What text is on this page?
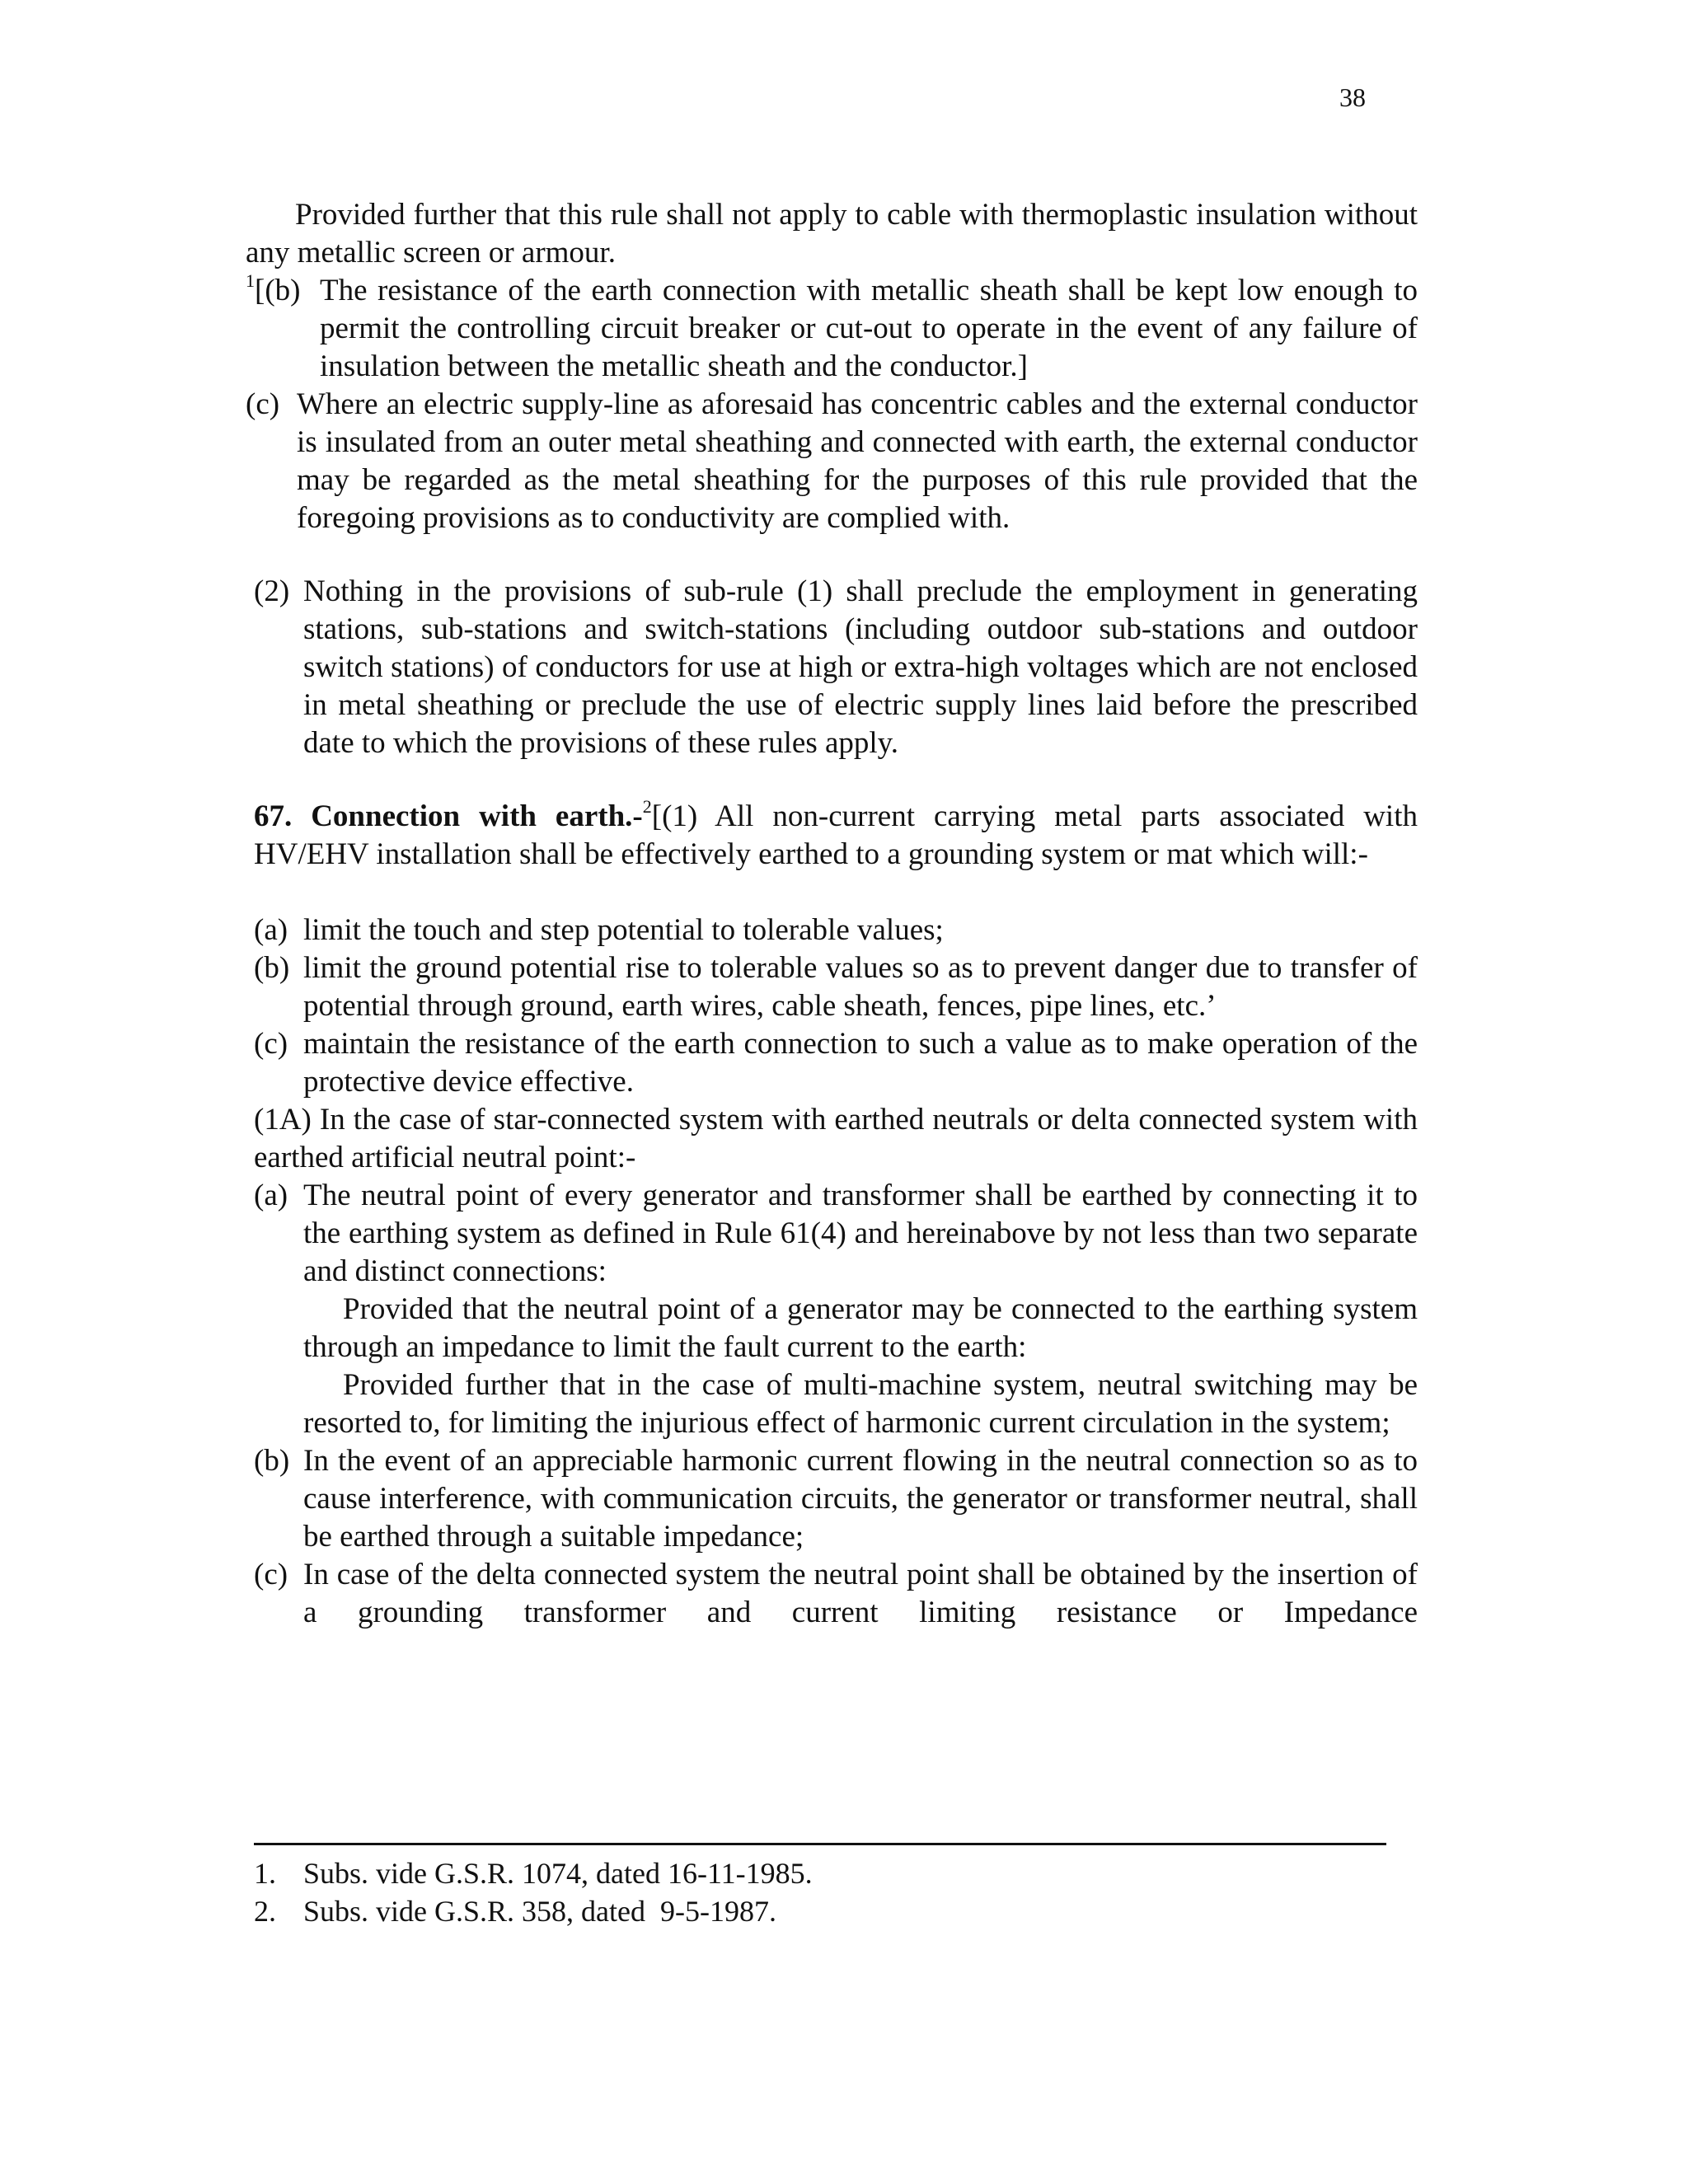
38
Provided further that this rule shall not apply to cable with thermoplastic insulation without any metallic screen or armour.
$^1$[(b) The resistance of the earth connection with metallic sheath shall be kept low enough to permit the controlling circuit breaker or cut-out to operate in the event of any failure of insulation between the metallic sheath and the conductor.]
(c) Where an electric supply-line as aforesaid has concentric cables and the external conductor is insulated from an outer metal sheathing and connected with earth, the external conductor may be regarded as the metal sheathing for the purposes of this rule provided that the foregoing provisions as to conductivity are complied with.
(2) Nothing in the provisions of sub-rule (1) shall preclude the employment in generating stations, sub-stations and switch-stations (including outdoor sub-stations and outdoor switch stations) of conductors for use at high or extra-high voltages which are not enclosed in metal sheathing or preclude the use of electric supply lines laid before the prescribed date to which the provisions of these rules apply.
67. Connection with earth.-$^2$[(1) All non-current carrying metal parts associated with HV/EHV installation shall be effectively earthed to a grounding system or mat which will:-
(a) limit the touch and step potential to tolerable values;
(b) limit the ground potential rise to tolerable values so as to prevent danger due to transfer of potential through ground, earth wires, cable sheath, fences, pipe lines, etc.’
(c) maintain the resistance of the earth connection to such a value as to make operation of the protective device effective.
(1A) In the case of star-connected system with earthed neutrals or delta connected system with earthed artificial neutral point:-
(a) The neutral point of every generator and transformer shall be earthed by connecting it to the earthing system as defined in Rule 61(4) and hereinabove by not less than two separate and distinct connections:
Provided that the neutral point of a generator may be connected to the earthing system through an impedance to limit the fault current to the earth:
Provided further that in the case of multi-machine system, neutral switching may be resorted to, for limiting the injurious effect of harmonic current circulation in the system;
(b) In the event of an appreciable harmonic current flowing in the neutral connection so as to cause interference, with communication circuits, the generator or transformer neutral, shall be earthed through a suitable impedance;
(c) In case of the delta connected system the neutral point shall be obtained by the insertion of a grounding transformer and current limiting resistance or Impedance
1. Subs. vide G.S.R. 1074, dated 16-11-1985.
2. Subs. vide G.S.R. 358, dated  9-5-1987.
